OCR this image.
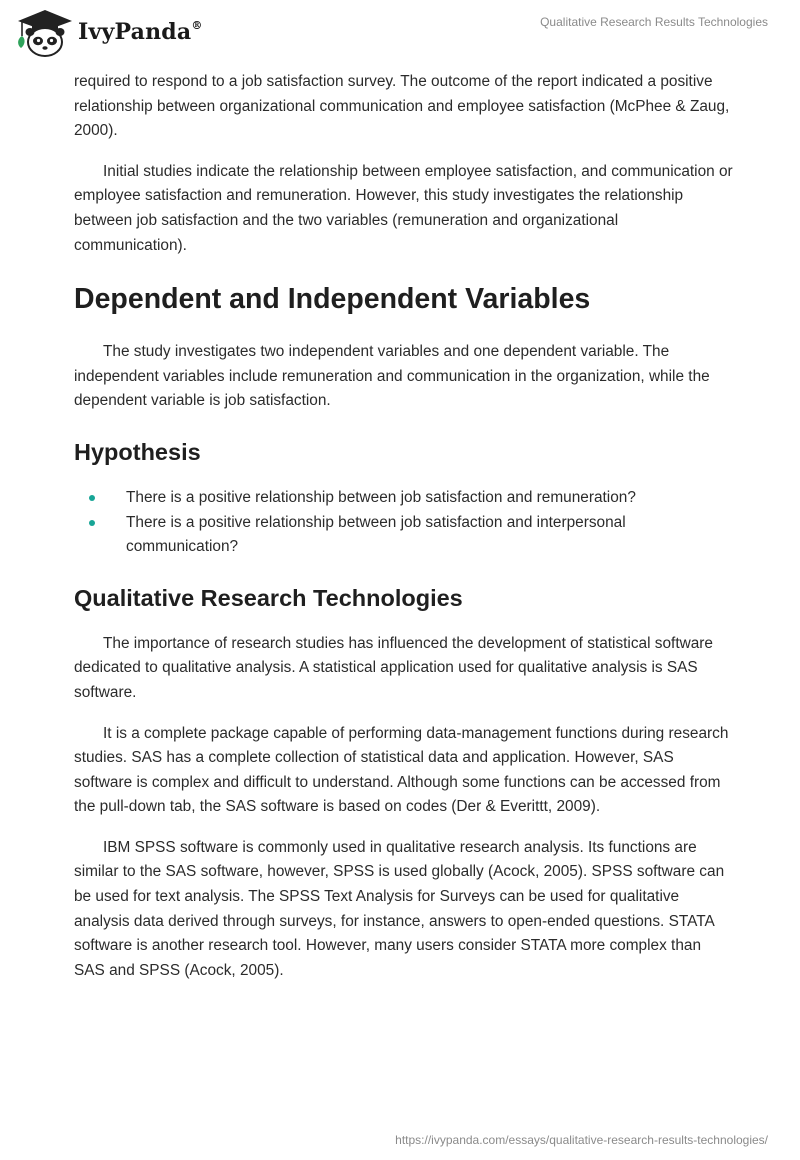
IvyPanda®	Qualitative Research Results Technologies

required to respond to a job satisfaction survey. The outcome of the report indicated a positive relationship between organizational communication and employee satisfaction (McPhee & Zaug, 2000).

Initial studies indicate the relationship between employee satisfaction, and communication or employee satisfaction and remuneration. However, this study investigates the relationship between job satisfaction and the two variables (remuneration and organizational communication).

Dependent and Independent Variables

The study investigates two independent variables and one dependent variable. The independent variables include remuneration and communication in the organization, while the dependent variable is job satisfaction.

Hypothesis
There is a positive relationship between job satisfaction and remuneration?
There is a positive relationship between job satisfaction and interpersonal communication?
Qualitative Research Technologies

The importance of research studies has influenced the development of statistical software dedicated to qualitative analysis. A statistical application used for qualitative analysis is SAS software.

It is a complete package capable of performing data-management functions during research studies. SAS has a complete collection of statistical data and application. However, SAS software is complex and difficult to understand. Although some functions can be accessed from the pull-down tab, the SAS software is based on codes (Der & Everittt, 2009).

IBM SPSS software is commonly used in qualitative research analysis. Its functions are similar to the SAS software, however, SPSS is used globally (Acock, 2005). SPSS software can be used for text analysis. The SPSS Text Analysis for Surveys can be used for qualitative analysis data derived through surveys, for instance, answers to open-ended questions. STATA software is another research tool. However, many users consider STATA more complex than SAS and SPSS (Acock, 2005).

https://ivypanda.com/essays/qualitative-research-results-technologies/
